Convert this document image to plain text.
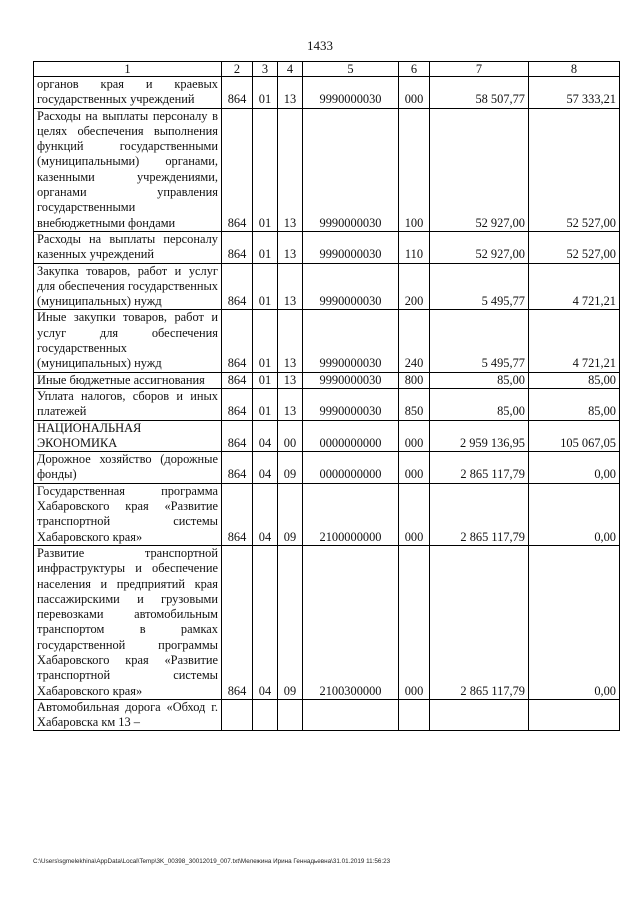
1433
1	2	3	4	5	6	7	8
органов края и краевых государственных учреждений	864	01	13	9990000030	000	58 507,77	57 333,21
Расходы на выплаты персоналу в целях обеспечения выполнения функций государственными (муниципальными) органами, казенными учреждениями, органами управления государственными внебюджетными фондами	864	01	13	9990000030	100	52 927,00	52 527,00
Расходы на выплаты персоналу казенных учреждений	864	01	13	9990000030	110	52 927,00	52 527,00
Закупка товаров, работ и услуг для обеспечения государственных (муниципальных) нужд	864	01	13	9990000030	200	5 495,77	4 721,21
Иные закупки товаров, работ и услуг для обеспечения государственных (муниципальных) нужд	864	01	13	9990000030	240	5 495,77	4 721,21
Иные бюджетные ассигнования	864	01	13	9990000030	800	85,00	85,00
Уплата налогов, сборов и иных платежей	864	01	13	9990000030	850	85,00	85,00
НАЦИОНАЛЬНАЯ ЭКОНОМИКА	864	04	00	0000000000	000	2 959 136,95	105 067,05
Дорожное хозяйство (дорожные фонды)	864	04	09	0000000000	000	2 865 117,79	0,00
Государственная программа Хабаровского края «Развитие транспортной системы Хабаровского края»	864	04	09	2100000000	000	2 865 117,79	0,00
Развитие транспортной инфраструктуры и обеспечение населения и предприятий края пассажирскими и грузовыми перевозками автомобильным транспортом в рамках государственной программы Хабаровского края «Развитие транспортной системы Хабаровского края»	864	04	09	2100300000	000	2 865 117,79	0,00
Автомобильная дорога «Обход г. Хабаровска км 13 –							
C:\Users\sgmelekhina\AppData\Local\Temp\3K_00398_30012019_007.txt\Мележина Ирина Геннадьевна\31.01.2019 11:56:23
